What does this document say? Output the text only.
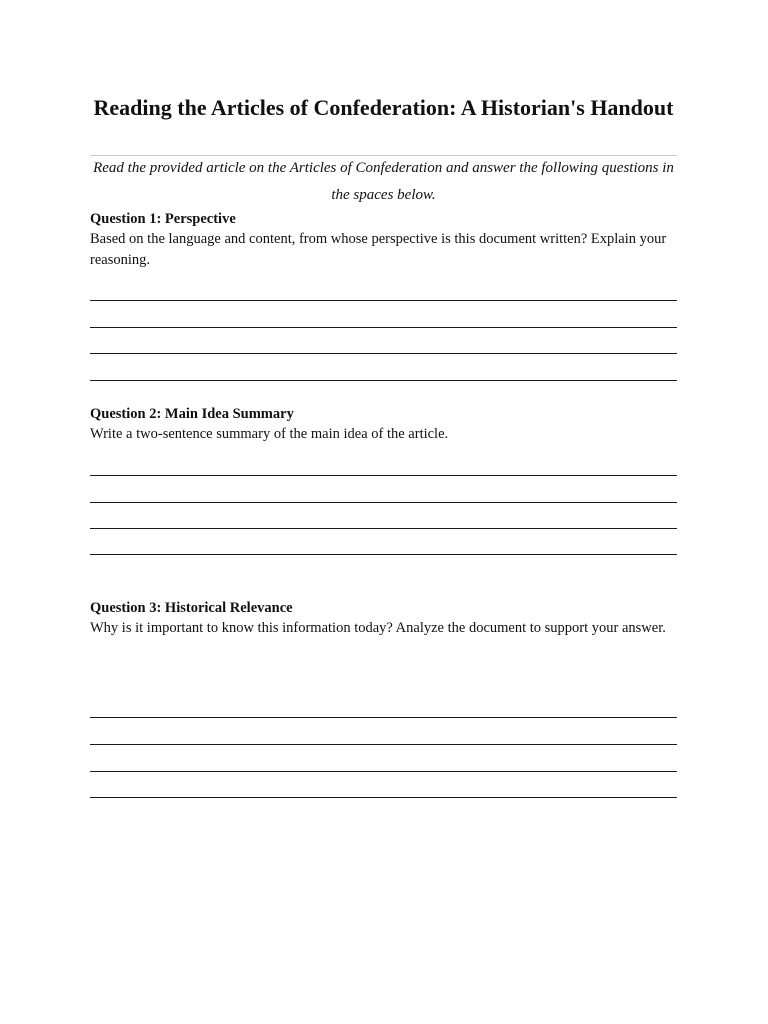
Reading the Articles of Confederation: A Historian's Handout

Read the provided article on the Articles of Confederation and answer the following questions in the spaces below.

Question 1: Perspective

Based on the language and content, from whose perspective is this document written? Explain your reasoning.

Question 2: Main Idea Summary

Write a two-sentence summary of the main idea of the article.

Question 3: Historical Relevance

Why is it important to know this information today? Analyze the document to support your answer.
